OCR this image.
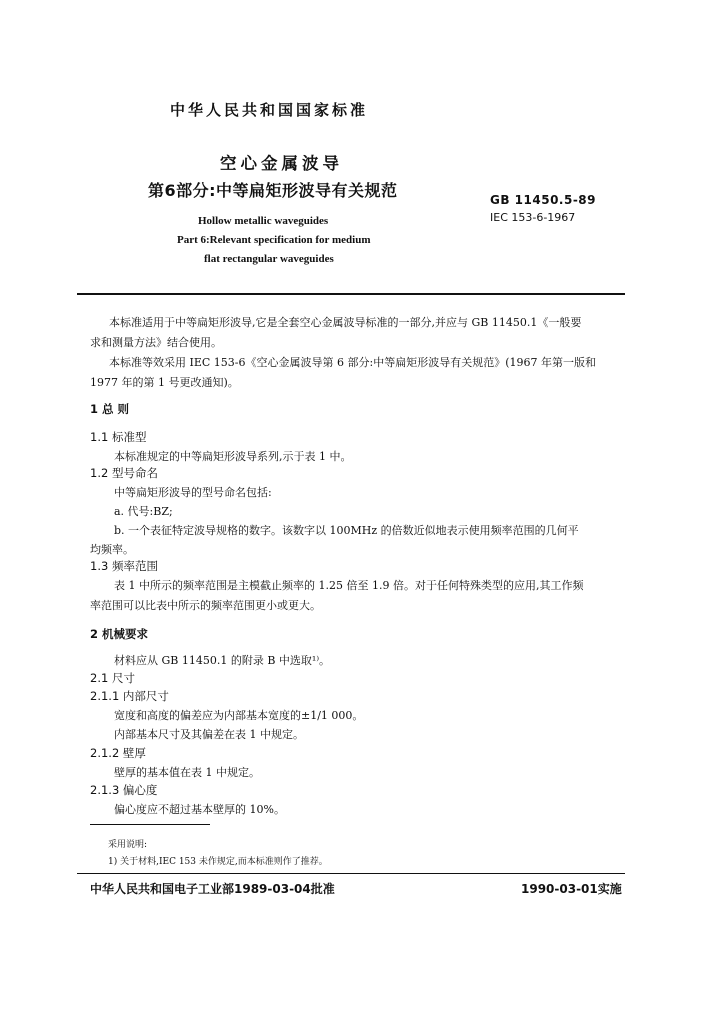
中华人民共和国国家标准
空心金属波导
第6部分:中等扁矩形波导有关规范
Hollow metallic waveguides
Part 6:Relevant specification for medium
flat rectangular waveguides
GB 11450.5-89
IEC 153-6-1967
本标准适用于中等扁矩形波导,它是全套空心金属波导标准的一部分,并应与 GB 11450.1《一般要
求和测量方法》结合使用。
本标准等效采用 IEC 153-6《空心金属波导第 6 部分:中等扁矩形波导有关规范》(1967 年第一版和
1977 年的第 1 号更改通知)。
1 总 则
1.1 标准型
本标准规定的中等扁矩形波导系列,示于表 1 中。
1.2 型号命名
中等扁矩形波导的型号命名包括:
a. 代号:BZ;
b. 一个表征特定波导规格的数字。该数字以 100MHz 的倍数近似地表示使用频率范围的几何平
均频率。
1.3 频率范围
表 1 中所示的频率范围是主模截止频率的 1.25 倍至 1.9 倍。对于任何特殊类型的应用,其工作频
率范围可以比表中所示的频率范围更小或更大。
2 机械要求
材料应从 GB 11450.1 的附录 B 中选取¹⁾。
2.1 尺寸
2.1.1 内部尺寸
宽度和高度的偏差应为内部基本宽度的±1/1 000。
内部基本尺寸及其偏差在表 1 中规定。
2.1.2 壁厚
壁厚的基本值在表 1 中规定。
2.1.3 偏心度
偏心度应不超过基本壁厚的 10%。
采用说明:
1) 关于材料,IEC 153 未作规定,而本标准则作了推荐。
中华人民共和国电子工业部1989-03-04批准	1990-03-01实施
